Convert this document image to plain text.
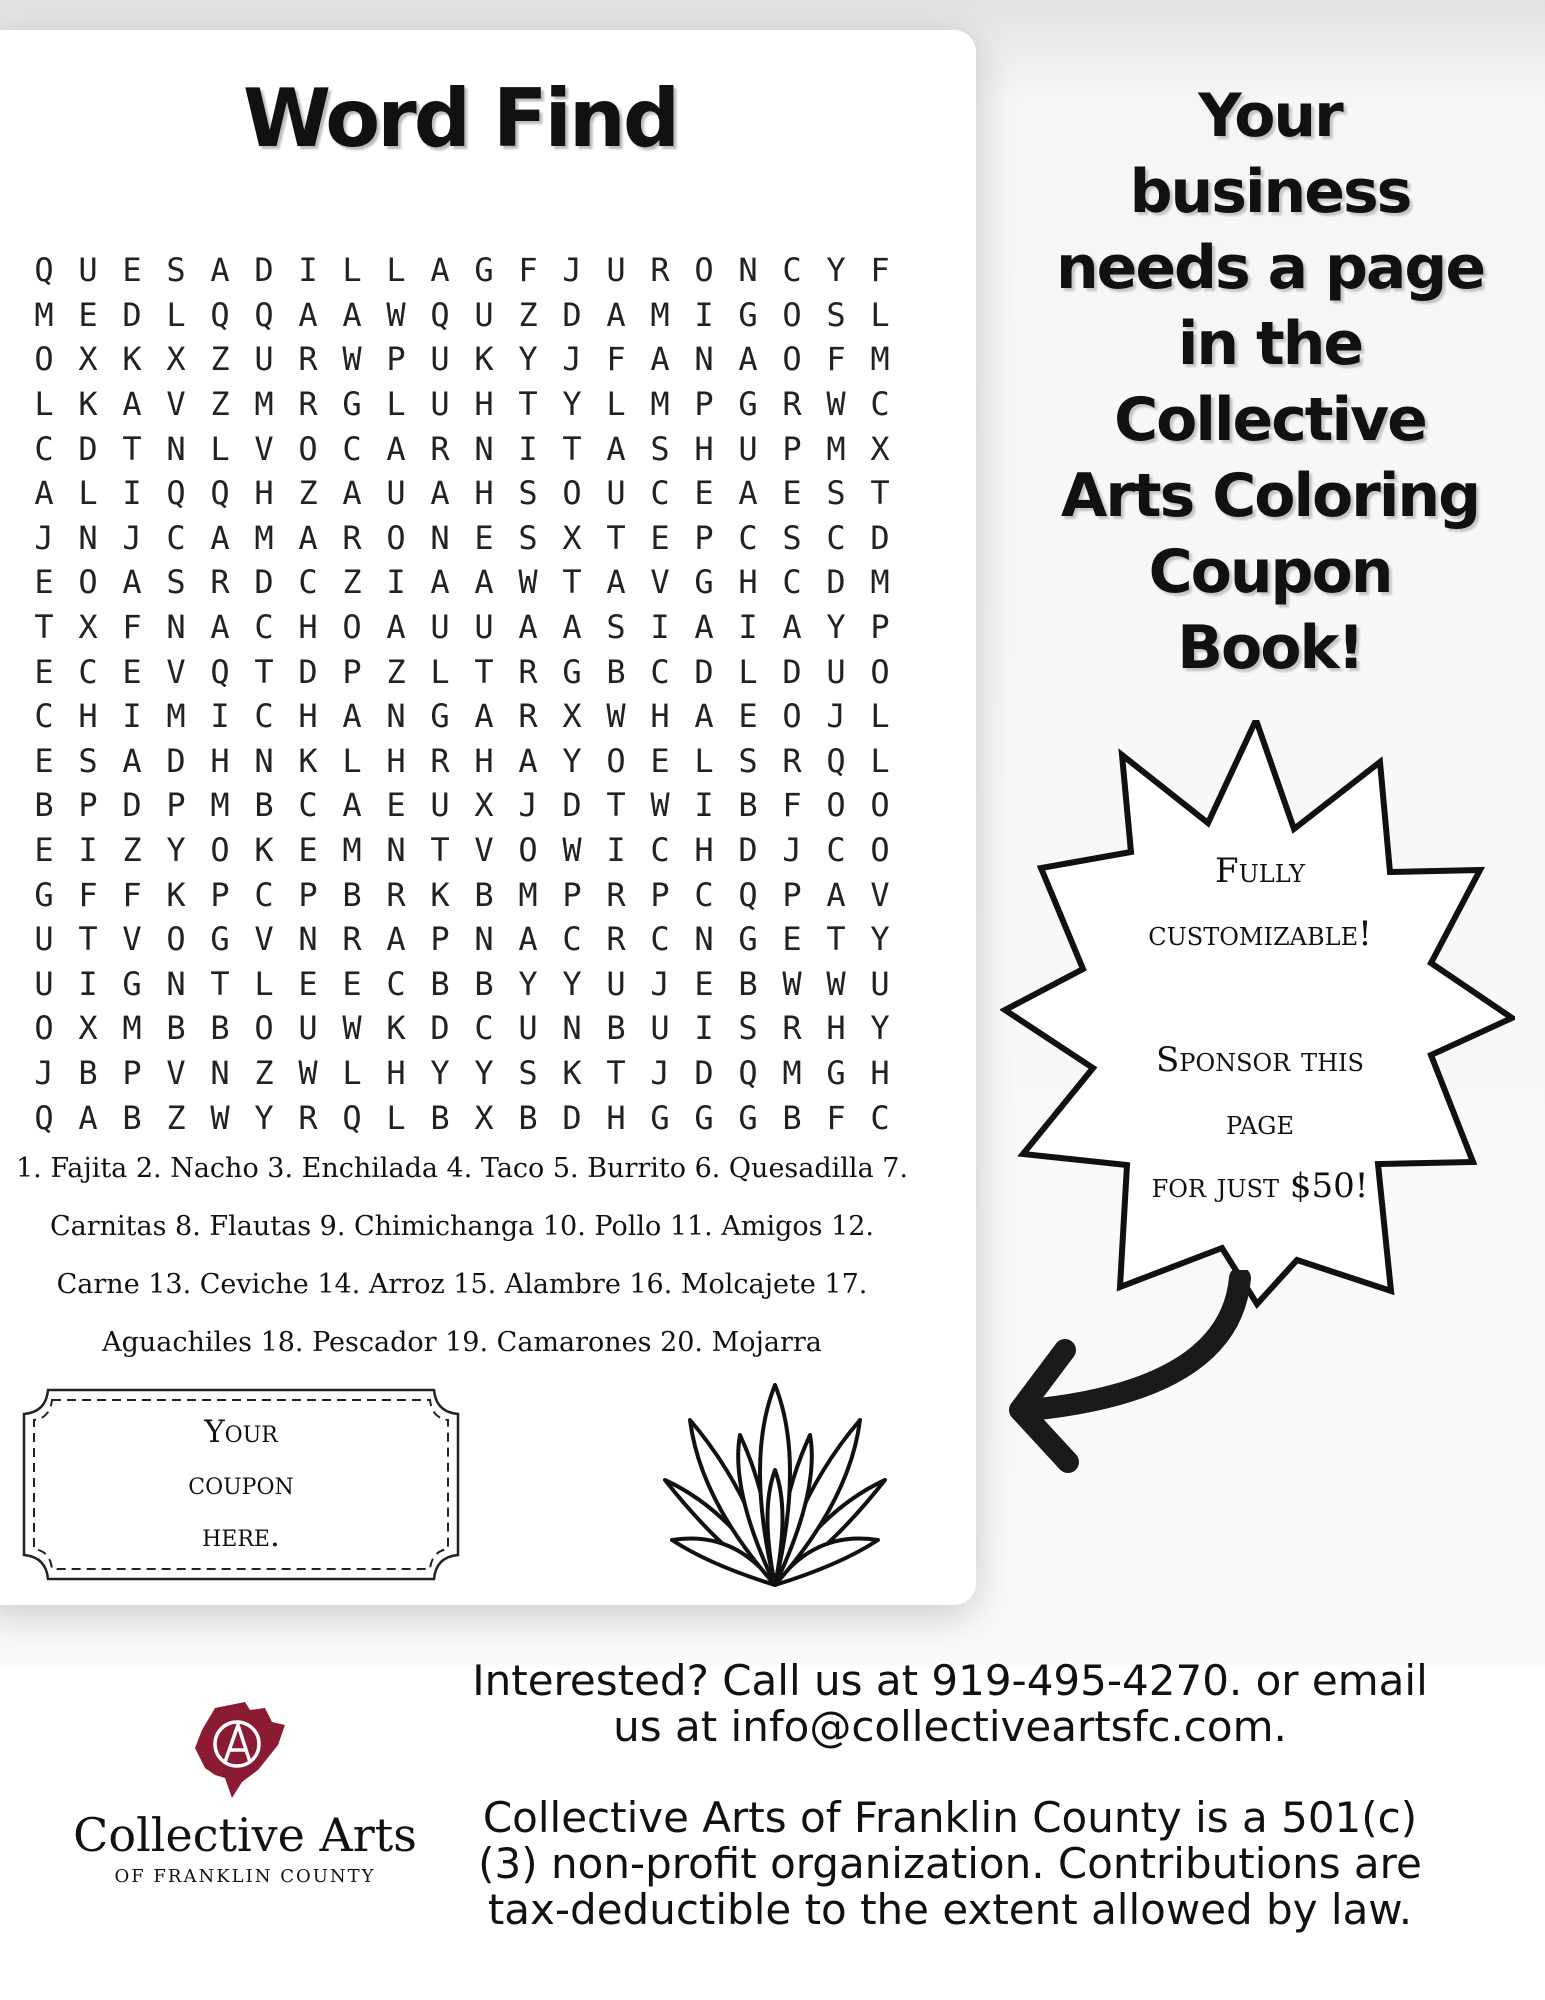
Word Find
Q U E S A D I L L A G F J U R O N C Y F
M E D L Q Q A A W Q U Z D A M I G O S L
O X K X Z U R W P U K Y J F A N A O F M
L K A V Z M R G L U H T Y L M P G R W C
C D T N L V O C A R N I T A S H U P M X
A L I Q Q H Z A U A H S O U C E A E S T
J N J C A M A R O N E S X T E P C S C D
E O A S R D C Z I A A W T A V G H C D M
T X F N A C H O A U U A A S I A I A Y P
E C E V Q T D P Z L T R G B C D L D U O
C H I M I C H A N G A R X W H A E O J L
E S A D H N K L H R H A Y O E L S R Q L
B P D P M B C A E U X J D T W I B F O O
E I Z Y O K E M N T V O W I C H D J C O
G F F K P C P B R K B M P R P C Q P A V
U T V O G V N R A P N A C R C N G E T Y
U I G N T L E E C B B Y Y U J E B W W U
O X M B B O U W K D C U N B U I S R H Y
J B P V N Z W L H Y Y S K T J D Q M G H
Q A B Z W Y R Q L B X B D H G G G B F C
1. Fajita 2. Nacho 3. Enchilada 4. Taco 5. Burrito 6. Quesadilla 7.
Carnitas 8. Flautas 9. Chimichanga 10. Pollo 11. Amigos 12.
Carne 13. Ceviche 14. Arroz 15. Alambre 16. Molcajete 17.
Aguachiles 18. Pescador 19. Camarones 20. Mojarra
Your
coupon
here.
Your
business
needs a page
in the
Collective
Arts Coloring
Coupon
Book!
Fully
customizable!

Sponsor this
page
for just $50!
Collective Arts
OF FRANKLIN COUNTY
Interested? Call us at 919-495-4270. or email
us at info@collectiveartsfc.com.
Collective Arts of Franklin County is a 501(c)
(3) non-profit organization. Contributions are
tax-deductible to the extent allowed by law.
